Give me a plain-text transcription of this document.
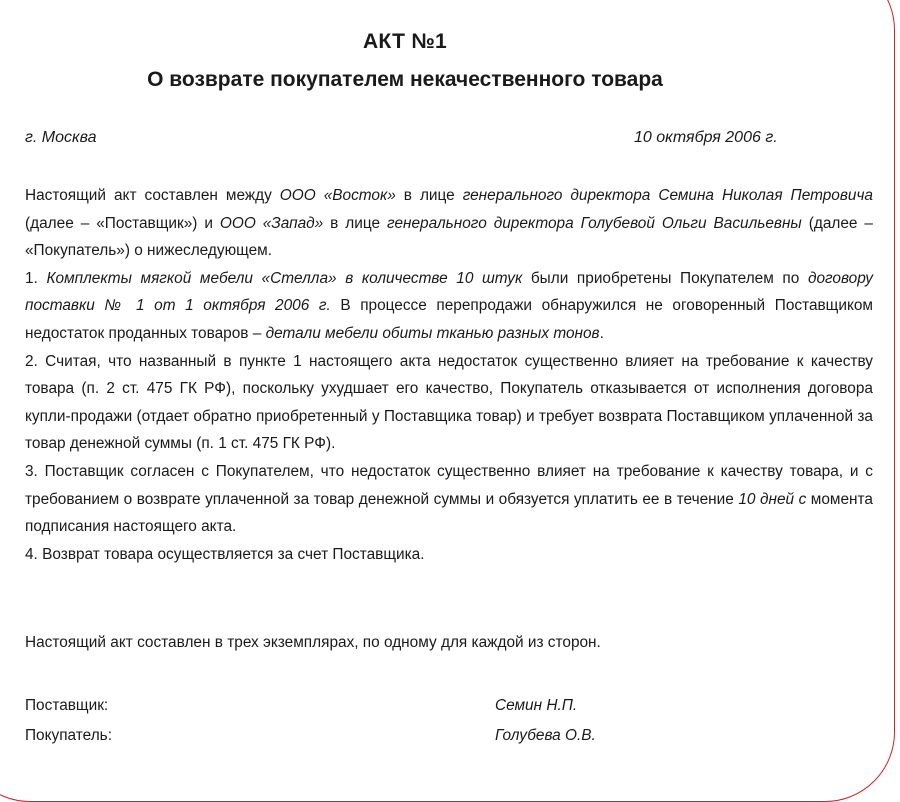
АКТ №1
О возврате покупателем некачественного товара
г. Москва	10 октября 2006 г.

Настоящий акт составлен между ООО «Восток» в лице генерального директора Семина Николая Петровича (далее – «Поставщик») и ООО «Запад» в лице генерального директора Голубевой Ольги Васильевны (далее – «Покупатель») о нижеследующем.

1. Комплекты мягкой мебели «Стелла» в количестве 10 штук были приобретены Покупателем по договору поставки № 1 от 1 октября 2006 г. В процессе перепродажи обнаружился не оговоренный Поставщиком недостаток проданных товаров – детали мебели обиты тканью разных тонов.

2. Считая, что названный в пункте 1 настоящего акта недостаток существенно влияет на требование к качеству товара (п. 2 ст. 475 ГК РФ), поскольку ухудшает его качество, Покупатель отказывается от исполнения договора купли-продажи (отдает обратно приобретенный у Поставщика товар) и требует возврата Поставщиком уплаченной за товар денежной суммы (п. 1 ст. 475 ГК РФ).

3. Поставщик согласен с Покупателем, что недостаток существенно влияет на требование к качеству товара, и с требованием о возврате уплаченной за товар денежной суммы и обязуется уплатить ее в течение 10 дней с момента подписания настоящего акта.

4. Возврат товара осуществляется за счет Поставщика.

Настоящий акт составлен в трех экземплярах, по одному для каждой из сторон.
Поставщик:	Семин Н.П.
Покупатель:	Голубева О.В.
